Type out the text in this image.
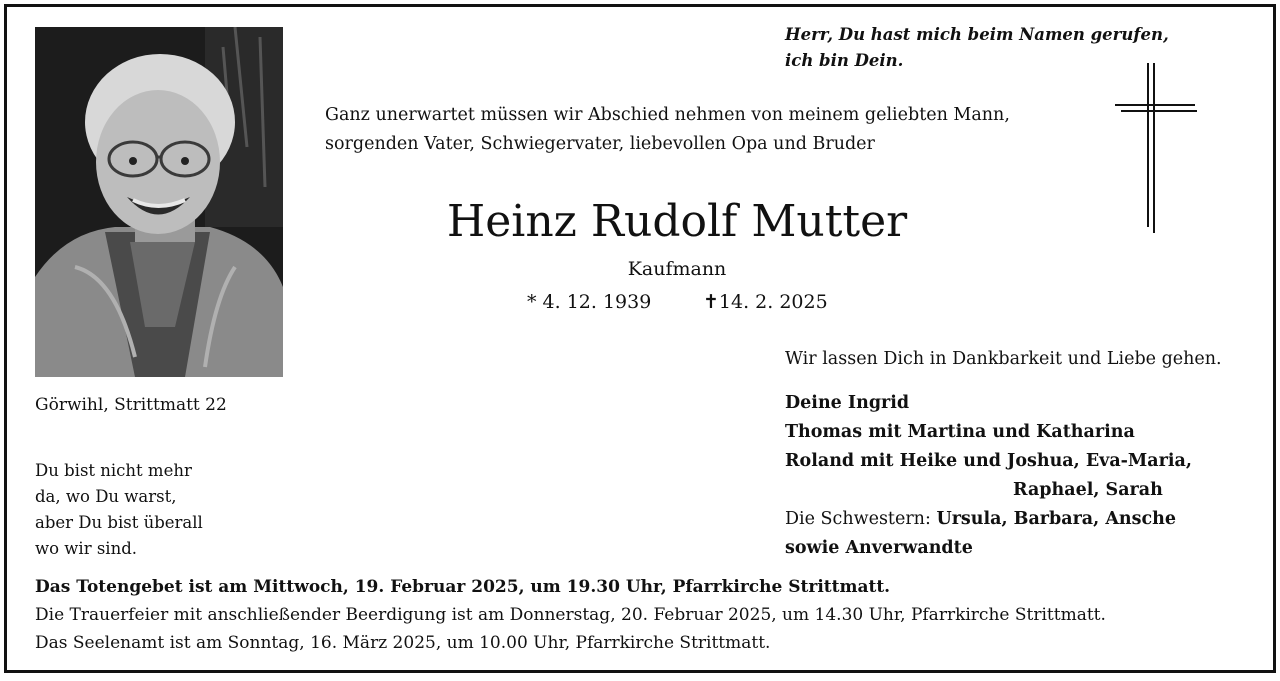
Herr, Du hast mich beim Namen gerufen,
ich bin Dein.
Ganz unerwartet müssen wir Abschied nehmen von meinem geliebten Mann,
sorgenden Vater, Schwiegervater, liebevollen Opa und Bruder
Heinz Rudolf Mutter
Kaufmann
* 4. 12. 1939	✝14. 2. 2025
Görwihl, Strittmatt 22
Du bist nicht mehr
da, wo Du warst,
aber Du bist überall
wo wir sind.
Wir lassen Dich in Dankbarkeit und Liebe gehen.
Deine Ingrid
Thomas mit Martina und Katharina
Roland mit Heike und Joshua, Eva-Maria,
Raphael, Sarah
Die Schwestern: Ursula, Barbara, Ansche
sowie Anverwandte
Das Totengebet ist am Mittwoch, 19. Februar 2025, um 19.30 Uhr, Pfarrkirche Strittmatt.
Die Trauerfeier mit anschließender Beerdigung ist am Donnerstag, 20. Februar 2025, um 14.30 Uhr, Pfarrkirche Strittmatt.
Das Seelenamt ist am Sonntag, 16. März 2025, um 10.00 Uhr, Pfarrkirche Strittmatt.
